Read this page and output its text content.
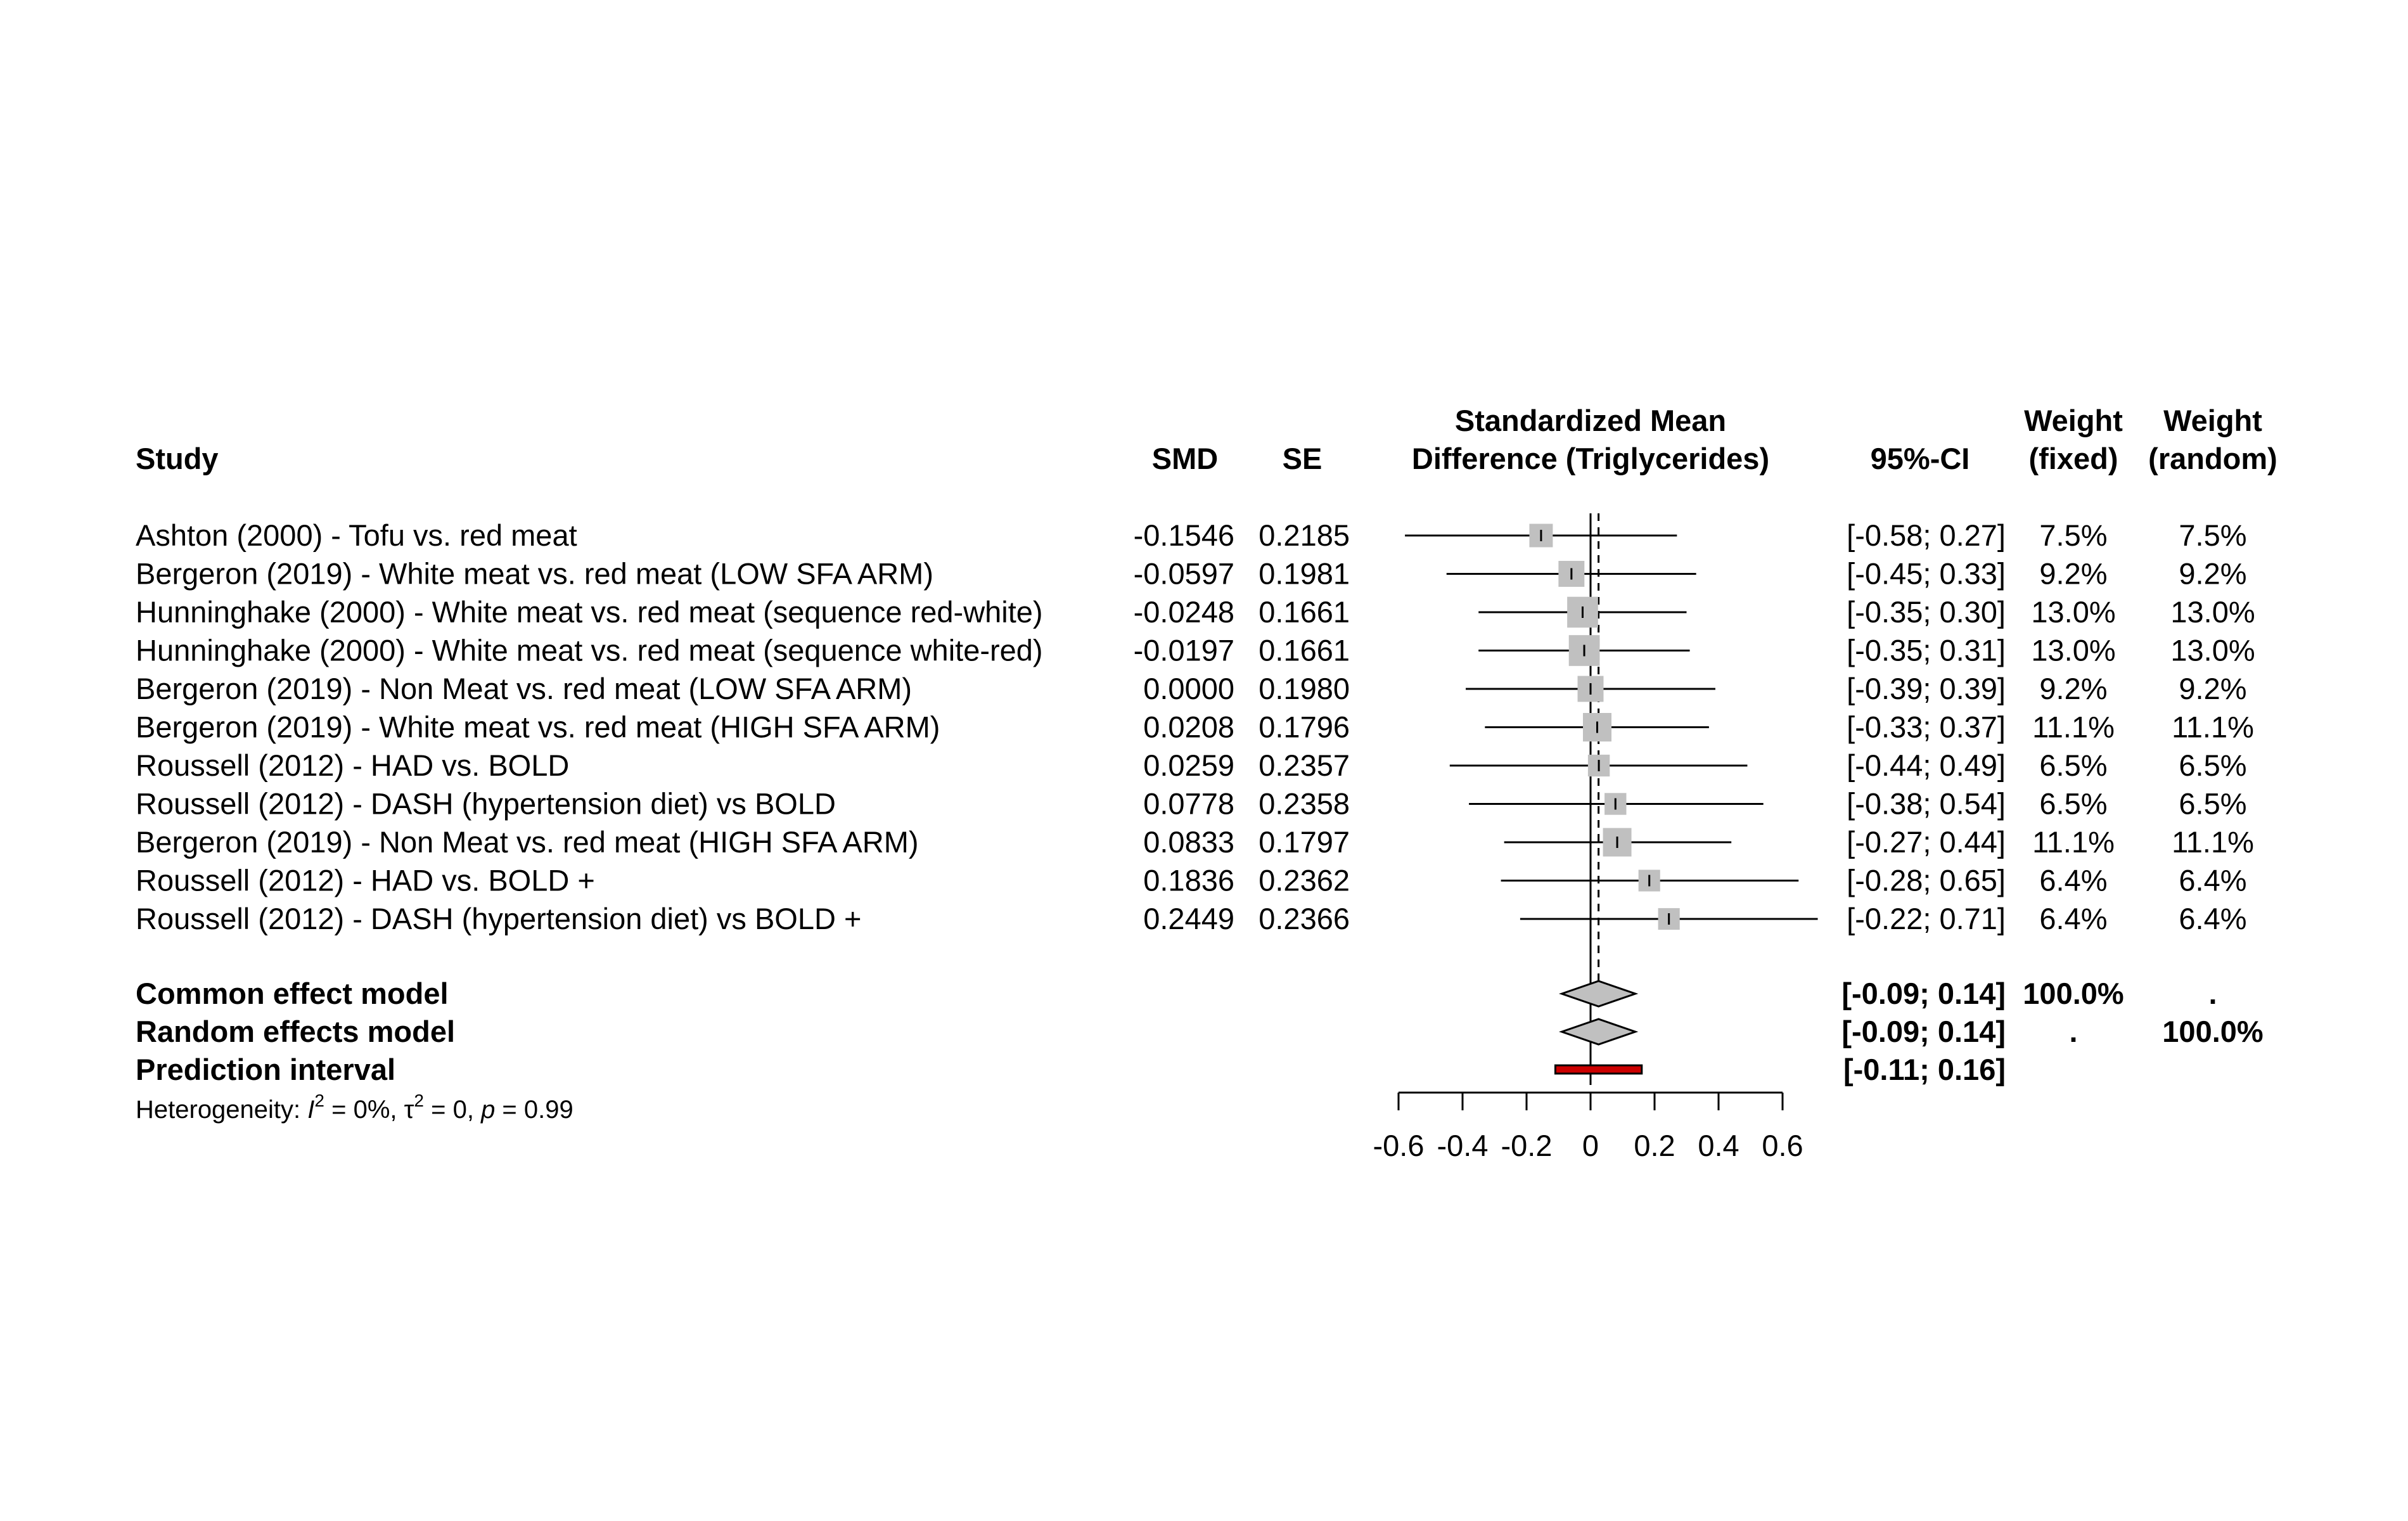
Study	SMD SE
Standardized Mean
Difference (Triglycerides)	95%-CI
Weight
(fixed)
Weight
(random)
Ashton (2000) - Tofu vs. red meat	-0.1546 0.2185	[-0.58; 0.27] 7.5% 7.5%
Bergeron (2019) - White meat vs. red meat (LOW SFA ARM)	-0.0597 0.1981	[-0.45; 0.33] 9.2% 9.2%
Hunninghake (2000) - White meat vs. red meat (sequence red-white)	-0.0248 0.1661	[-0.35; 0.30] 13.0% 13.0%
Hunninghake (2000) - White meat vs. red meat (sequence white-red)	-0.0197 0.1661	[-0.35; 0.31] 13.0% 13.0%
Bergeron (2019) - Non Meat vs. red meat (LOW SFA ARM)	0.0000 0.1980	[-0.39; 0.39] 9.2% 9.2%
Bergeron (2019) - White meat vs. red meat (HIGH SFA ARM)	0.0208 0.1796	[-0.33; 0.37] 11.1% 11.1%
Roussell (2012) - HAD vs. BOLD	0.0259 0.2357	[-0.44; 0.49] 6.5% 6.5%
Roussell (2012) - DASH (hypertension diet) vs BOLD	0.0778 0.2358	[-0.38; 0.54] 6.5% 6.5%
Bergeron (2019) - Non Meat vs. red meat (HIGH SFA ARM)	0.0833 0.1797	[-0.27; 0.44] 11.1% 11.1%
Roussell (2012) - HAD vs. BOLD +	0.1836 0.2362	[-0.28; 0.65] 6.4% 6.4%
Roussell (2012) - DASH (hypertension diet) vs BOLD +	0.2449 0.2366	[-0.22; 0.71] 6.4% 6.4%
Common effect model	[-0.09; 0.14] 100.0%	.
Random effects model	[-0.09; 0.14] .	100.0%
Prediction interval	[-0.11; 0.16]
Heterogeneity: $I^2 = 0\%$, $\tau^2 = 0$, p = 0.99
-0.6 -0.4 -0.2 0 0.2 0.4 0.6
